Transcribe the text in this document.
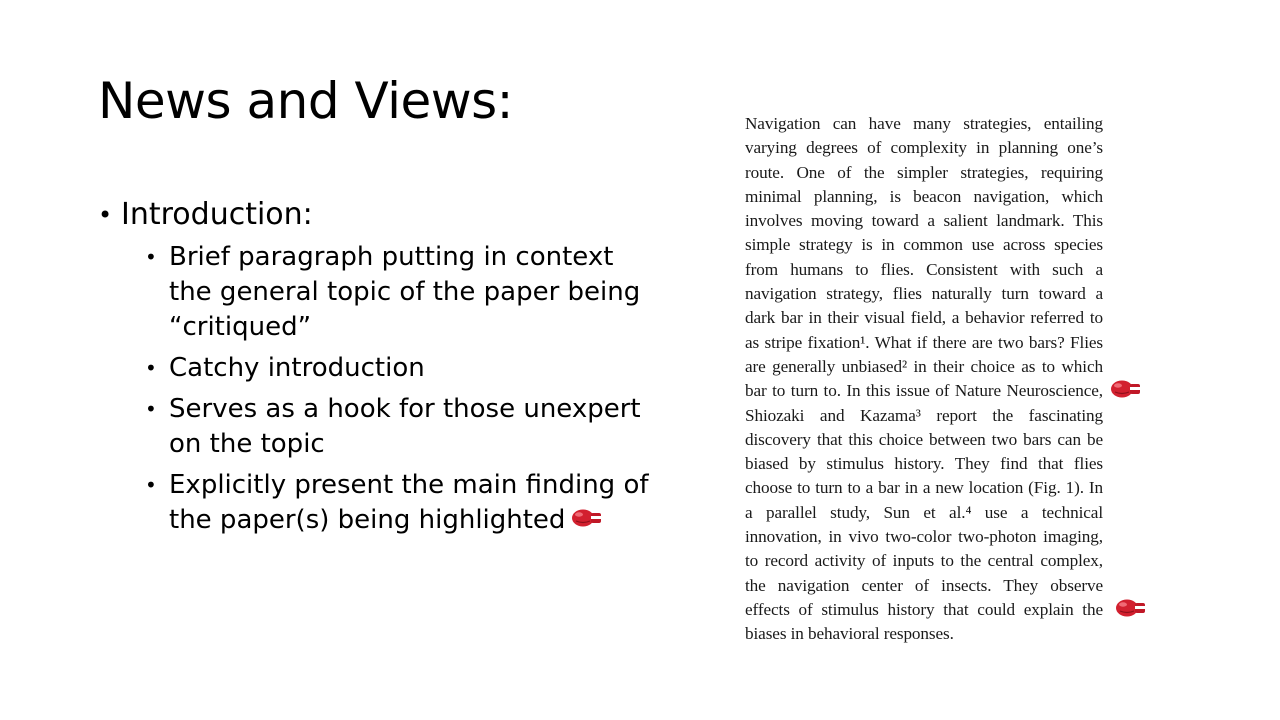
News and Views:
• Introduction:
• Brief paragraph putting in context the general topic of the paper being “critiqued”
• Catchy introduction
• Serves as a hook for those unexpert on the topic
• Explicitly present the main finding of the paper(s) being highlighted
Navigation can have many strategies, entailing varying degrees of complexity in planning one’s route. One of the simpler strategies, requiring minimal planning, is beacon navigation, which involves moving toward a salient landmark. This simple strategy is in common use across species from humans to flies. Consistent with such a navigation strategy, flies naturally turn toward a dark bar in their visual field, a behavior referred to as stripe fixation¹. What if there are two bars? Flies are generally unbiased² in their choice as to which bar to turn to. In this issue of Nature Neuroscience, Shiozaki and Kazama³ report the fascinating discovery that this choice between two bars can be biased by stimulus history. They find that flies choose to turn to a bar in a new location (Fig. 1). In a parallel study, Sun et al.⁴ use a technical innovation, in vivo two-color two-photon imaging, to record activity of inputs to the central complex, the navigation center of insects. They observe effects of stimulus history that could explain the biases in behavioral responses.
